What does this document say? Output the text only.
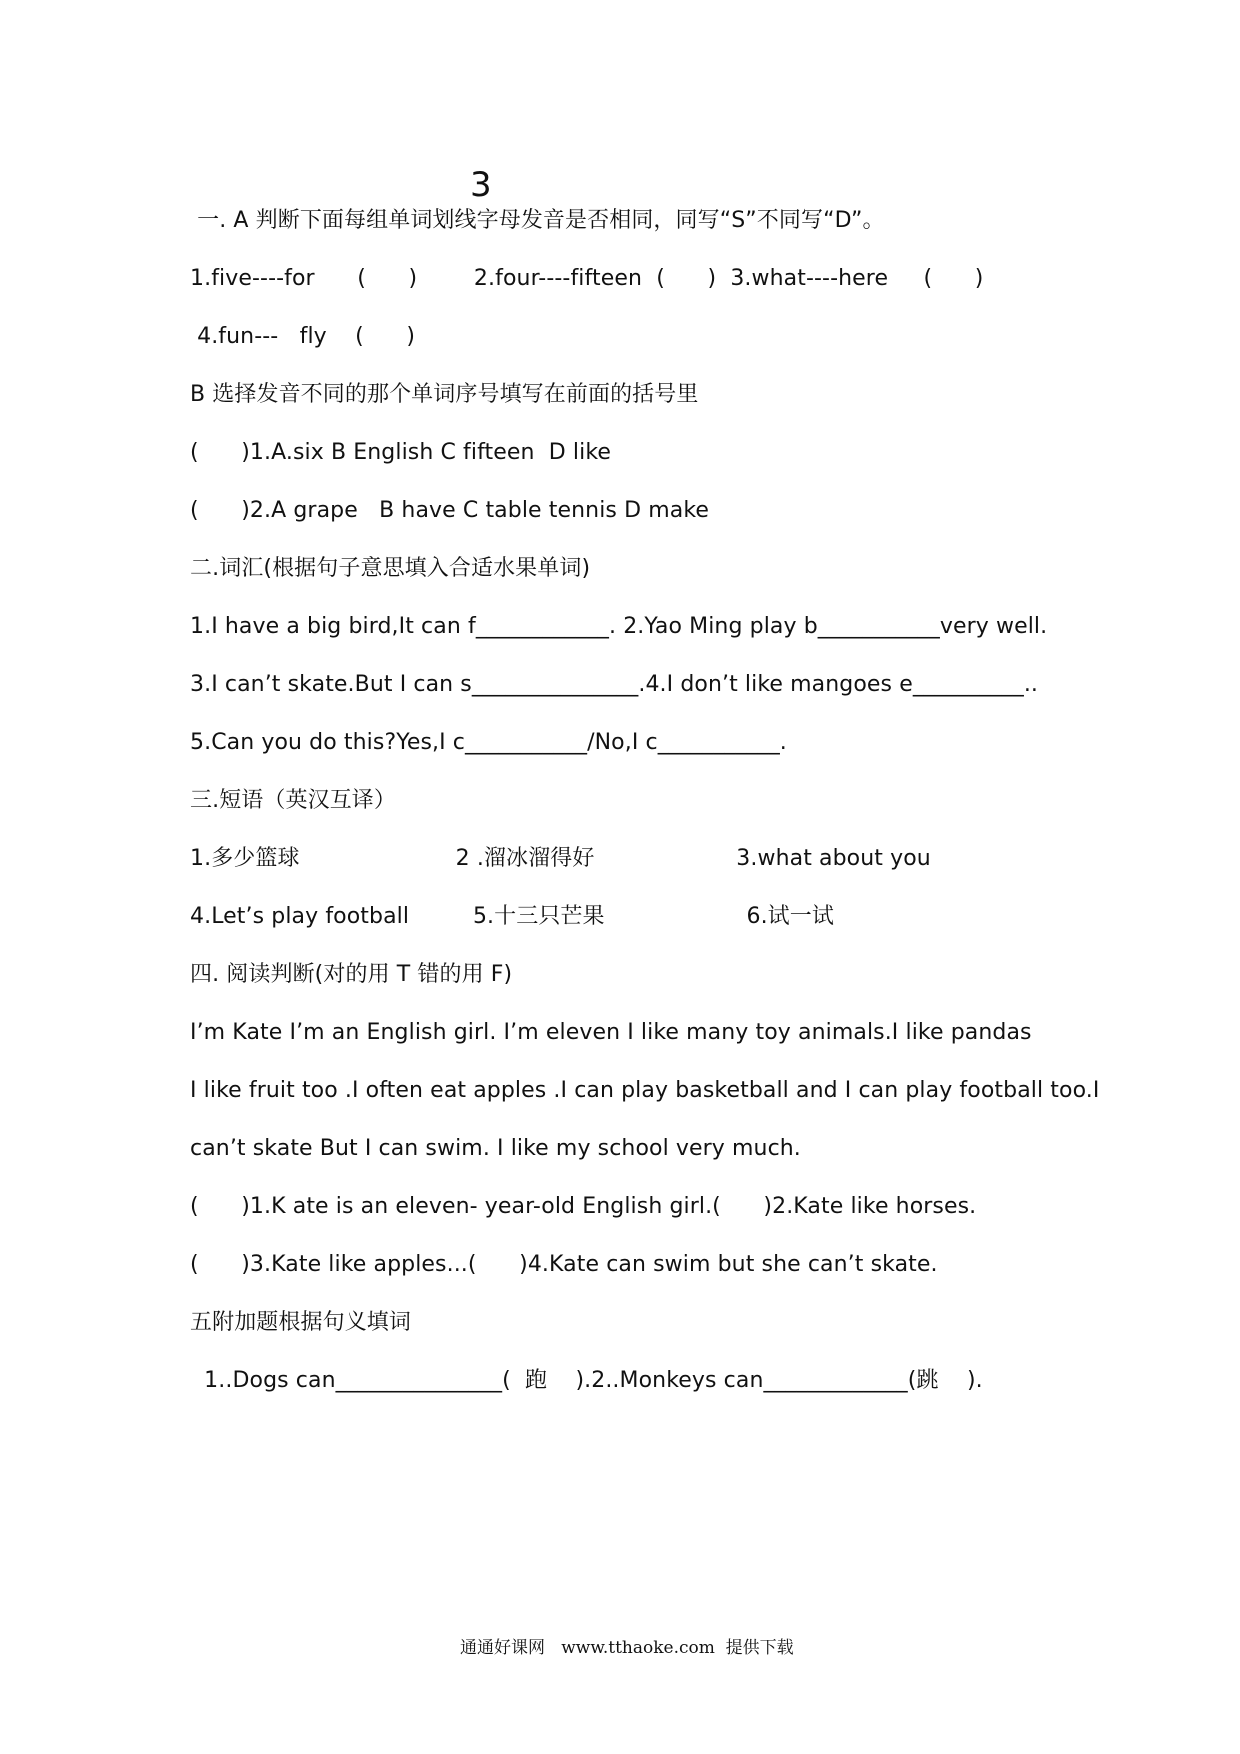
3
一. A 判断下面每组单词划线字母发音是否相同，同写“S”不同写“D”。
1.five----for      (      )        2.four----fifteen  (      )  3.what----here     (      )
4.fun---   fly    (      )
B 选择发音不同的那个单词序号填写在前面的括号里
(      )1.A.six B English C fifteen  D like
(      )2.A grape   B have C table tennis D make
二.词汇(根据句子意思填入合适水果单词)
1.I have a big bird,It can f____________. 2.Yao Ming play b___________very well.
3.I can’t skate.But I can s_______________.4.I don’t like mangoes e__________..
5.Can you do this?Yes,I c___________/No,I c___________.
三.短语（英汉互译）
1.多少篮球                      2 .溜冰溜得好                    3.what about you
4.Let’s play football         5.十三只芒果                    6.试一试
四. 阅读判断(对的用 T 错的用 F)
I’m Kate I’m an English girl. I’m eleven I like many toy animals.I like pandas
I like fruit too .I often eat apples .I can play basketball and I can play football too.I
can’t skate But I can swim. I like my school very much.
(      )1.K ate is an eleven- year-old English girl.(      )2.Kate like horses.
(      )3.Kate like apples...(      )4.Kate can swim but she can’t skate.
五附加题根据句义填词
1..Dogs can_______________(  跑    ).2..Monkeys can_____________(跳    ).
通通好课网   www.tthaoke.com  提供下载
